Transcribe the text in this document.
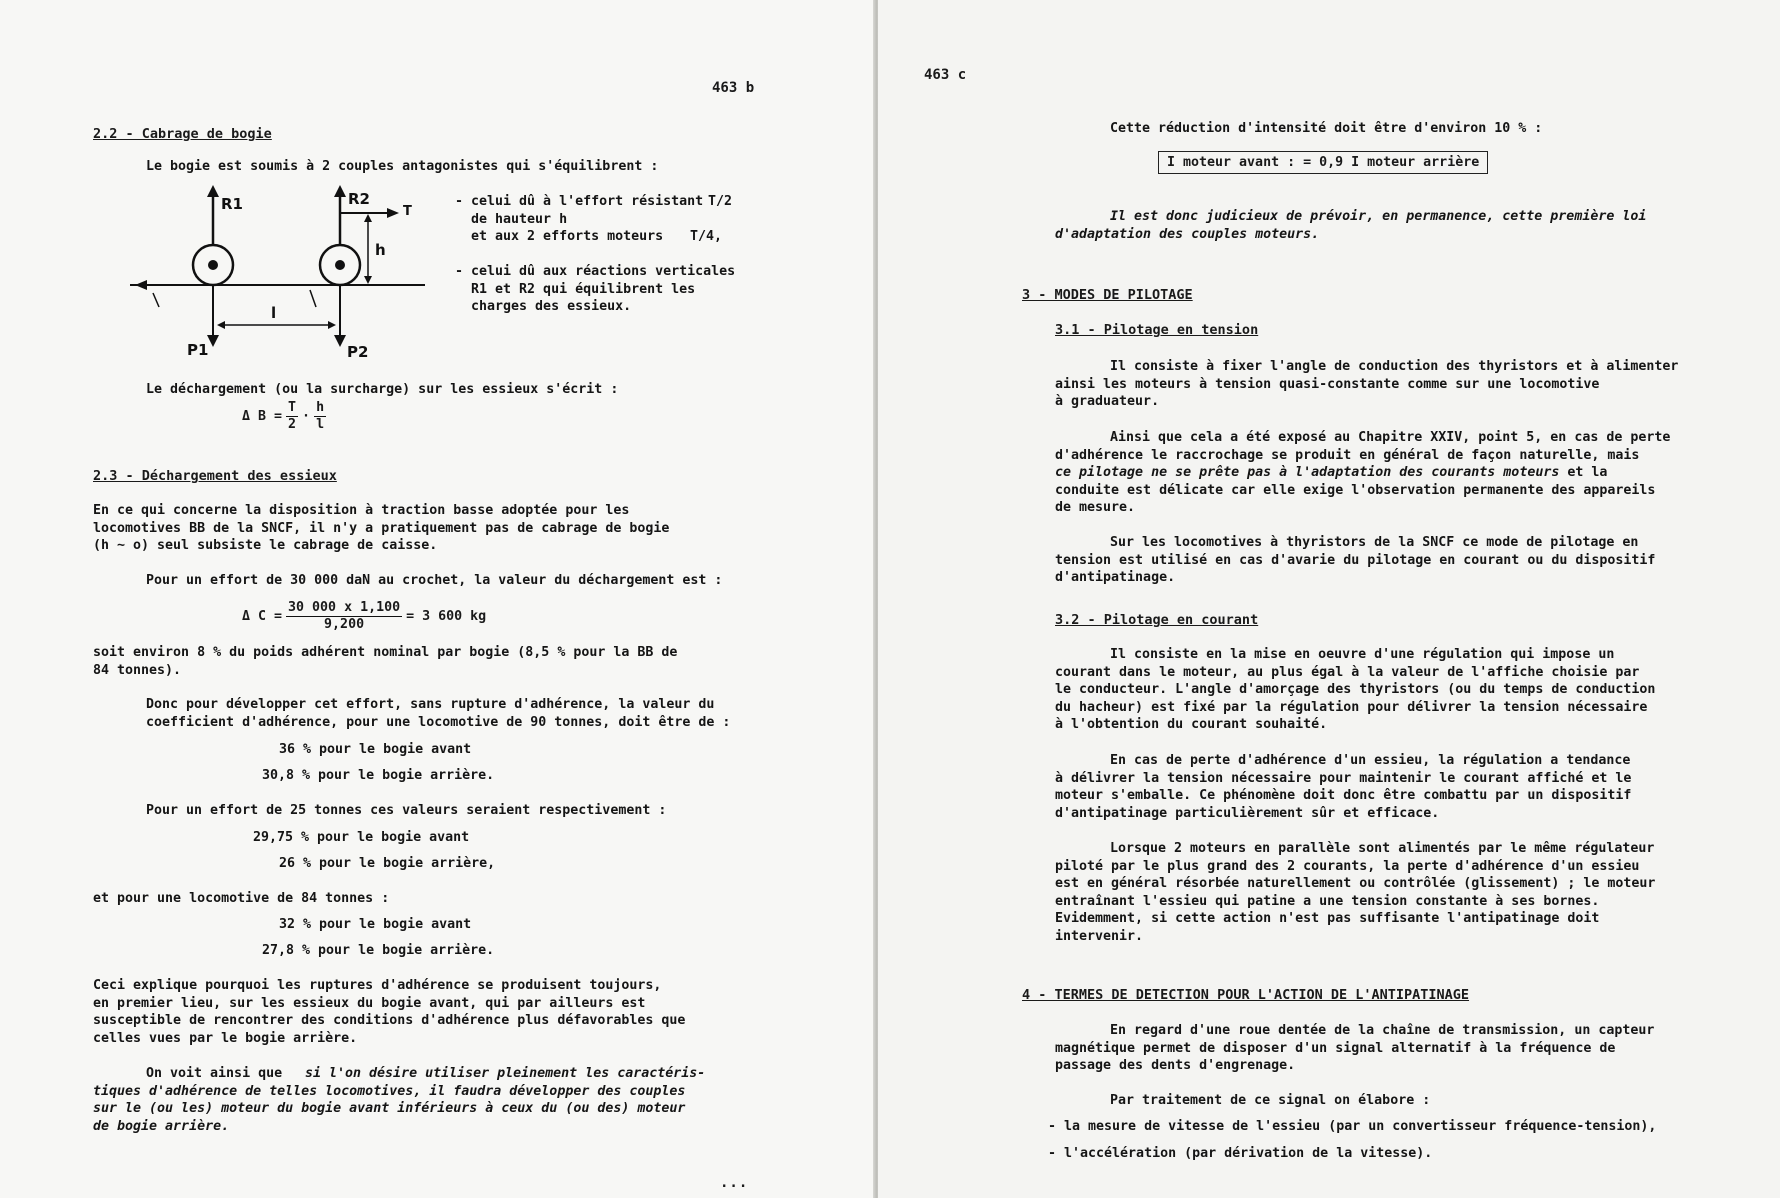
463 b
2.2 - Cabrage de bogie
Le bogie est soumis à 2 couples antagonistes qui s'équilibrent :
R1	R2
P1	P2
l
h
T
- celui dû à l'effort résistant
de hauteur h
et aux 2 efforts moteurs
T/2
T/4,
- celui dû aux réactions verticales
R1 et R2 qui équilibrent les
charges des essieux.
Le déchargement (ou la surcharge) sur les essieux s'écrit :
Δ $B = \frac{T}{2} \cdot \frac{h}{l}$
2.3 - Déchargement des essieux
En ce qui concerne la disposition à traction basse adoptée pour les
locomotives BB de la SNCF, il n'y a pratiquement pas de cabrage de bogie
(h ∼ o) seul subsiste le cabrage de caisse.
Pour un effort de 30 000 daN au crochet, la valeur du déchargement est :
Δ $C = \frac{30 000 x 1,100}{9,200} = 3$ 600 kg
soit environ 8 % du poids adhérent nominal par bogie (8,5 % pour la BB de
84 tonnes).
Donc pour développer cet effort, sans rupture d'adhérence, la valeur du
coefficient d'adhérence, pour une locomotive de 90 tonnes, doit être de :
36 % pour le bogie avant
30,8 % pour le bogie arrière.
Pour un effort de 25 tonnes ces valeurs seraient respectivement :
29,75 % pour le bogie avant
26 % pour le bogie arrière,
et pour une locomotive de 84 tonnes :
32 % pour le bogie avant
27,8 % pour le bogie arrière.
Ceci explique pourquoi les ruptures d'adhérence se produisent toujours,
en premier lieu, sur les essieux du bogie avant, qui par ailleurs est
susceptible de rencontrer des conditions d'adhérence plus défavorables que
celles vues par le bogie arrière.
On voit ainsi que	si l'on désire utiliser pleinement les caractéris-
tiques d'adhérence de telles locomotives, il faudra développer des couples
sur le (ou les) moteur du bogie avant inférieurs à ceux du (ou des) moteur
de bogie arrière.
...
463 c
Cette réduction d'intensité doit être d'environ 10 % :
I moteur avant : = 0,9 I moteur arrière
Il est donc judicieux de prévoir, en permanence, cette première loi
d'adaptation des couples moteurs.
3 - MODES DE PILOTAGE
3.1 - Pilotage en tension
Il consiste à fixer l'angle de conduction des thyristors et à alimenter
ainsi les moteurs à tension quasi-constante comme sur une locomotive
à graduateur.
Ainsi que cela a été exposé au Chapitre XXIV, point 5, en cas de perte
d'adhérence le raccrochage se produit en général de façon naturelle, mais
ce pilotage ne se prête pas à l'adaptation des courants moteurs et la
conduite est délicate car elle exige l'observation permanente des appareils
de mesure.
Sur les locomotives à thyristors de la SNCF ce mode de pilotage en
tension est utilisé en cas d'avarie du pilotage en courant ou du dispositif
d'antipatinage.
3.2 - Pilotage en courant
Il consiste en la mise en oeuvre d'une régulation qui impose un
courant dans le moteur, au plus égal à la valeur de l'affiche choisie par
le conducteur. L'angle d'amorçage des thyristors (ou du temps de conduction
du hacheur) est fixé par la régulation pour délivrer la tension nécessaire
à l'obtention du courant souhaité.
En cas de perte d'adhérence d'un essieu, la régulation a tendance
à délivrer la tension nécessaire pour maintenir le courant affiché et le
moteur s'emballe. Ce phénomène doit donc être combattu par un dispositif
d'antipatinage particulièrement sûr et efficace.
Lorsque 2 moteurs en parallèle sont alimentés par le même régulateur
piloté par le plus grand des 2 courants, la perte d'adhérence d'un essieu
est en général résorbée naturellement ou contrôlée (glissement) ; le moteur
entraînant l'essieu qui patine a une tension constante à ses bornes.
Evidemment, si cette action n'est pas suffisante l'antipatinage doit
intervenir.
4 - TERMES DE DETECTION POUR L'ACTION DE L'ANTIPATINAGE
En regard d'une roue dentée de la chaîne de transmission, un capteur
magnétique permet de disposer d'un signal alternatif à la fréquence de
passage des dents d'engrenage.
Par traitement de ce signal on élabore :
- la mesure de vitesse de l'essieu (par un convertisseur fréquence-tension),
- l'accélération (par dérivation de la vitesse).
